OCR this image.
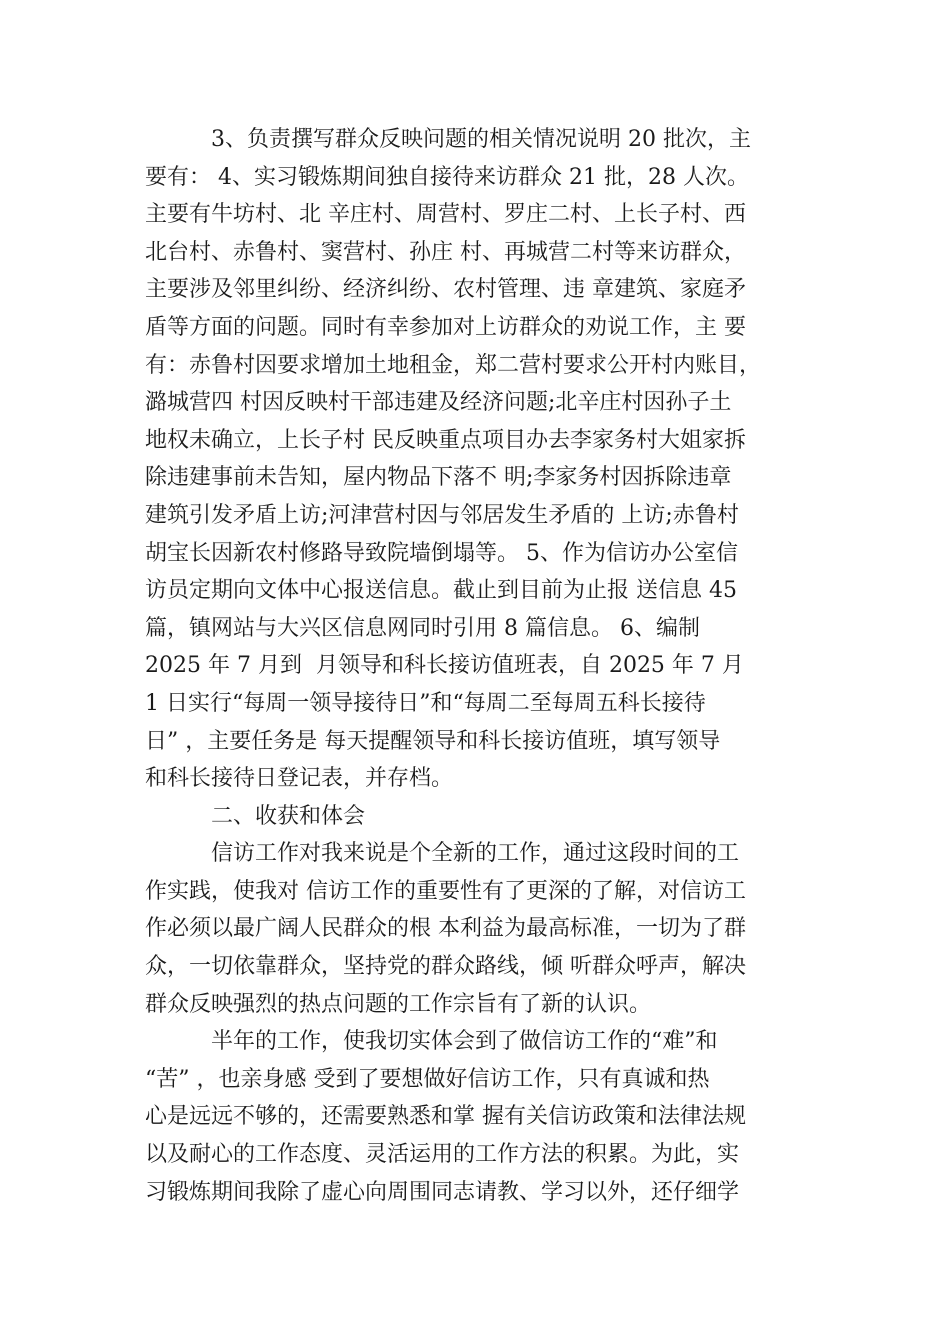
3、负责撰写群众反映问题的相关情况说明 20 批次，主
要有： 4、实习锻炼期间独自接待来访群众 21 批，28 人次。
主要有牛坊村、北 辛庄村、周营村、罗庄二村、上长子村、西
北台村、赤鲁村、窦营村、孙庄 村、再城营二村等来访群众，
主要涉及邻里纠纷、经济纠纷、农村管理、违 章建筑、家庭矛
盾等方面的问题。同时有幸参加对上访群众的劝说工作，主 要
有：赤鲁村因要求增加土地租金，郑二营村要求公开村内账目，
潞城营四 村因反映村干部违建及经济问题;北辛庄村因孙子土
地权未确立，上长子村 民反映重点项目办去李家务村大姐家拆
除违建事前未告知，屋内物品下落不 明;李家务村因拆除违章
建筑引发矛盾上访;河津营村因与邻居发生矛盾的 上访;赤鲁村
胡宝长因新农村修路导致院墙倒塌等。 5、作为信访办公室信
访员定期向文体中心报送信息。截止到目前为止报 送信息 45
篇，镇网站与大兴区信息网同时引用 8 篇信息。 6、编制
2025 年 7 月到  月领导和科长接访值班表，自 2025 年 7 月
1 日实行“每周一领导接待日”和“每周二至每周五科长接待
日” ，主要任务是 每天提醒领导和科长接访值班，填写领导
和科长接待日登记表，并存档。
二、收获和体会
信访工作对我来说是个全新的工作，通过这段时间的工
作实践，使我对 信访工作的重要性有了更深的了解，对信访工
作必须以最广阔人民群众的根 本利益为最高标准，一切为了群
众，一切依靠群众，坚持党的群众路线，倾 听群众呼声，解决
群众反映强烈的热点问题的工作宗旨有了新的认识。
半年的工作，使我切实体会到了做信访工作的“难”和
“苦” ，也亲身感 受到了要想做好信访工作，只有真诚和热
心是远远不够的，还需要熟悉和掌 握有关信访政策和法律法规
以及耐心的工作态度、灵活运用的工作方法的积累。为此，实
习锻炼期间我除了虚心向周围同志请教、学习以外，还仔细学
